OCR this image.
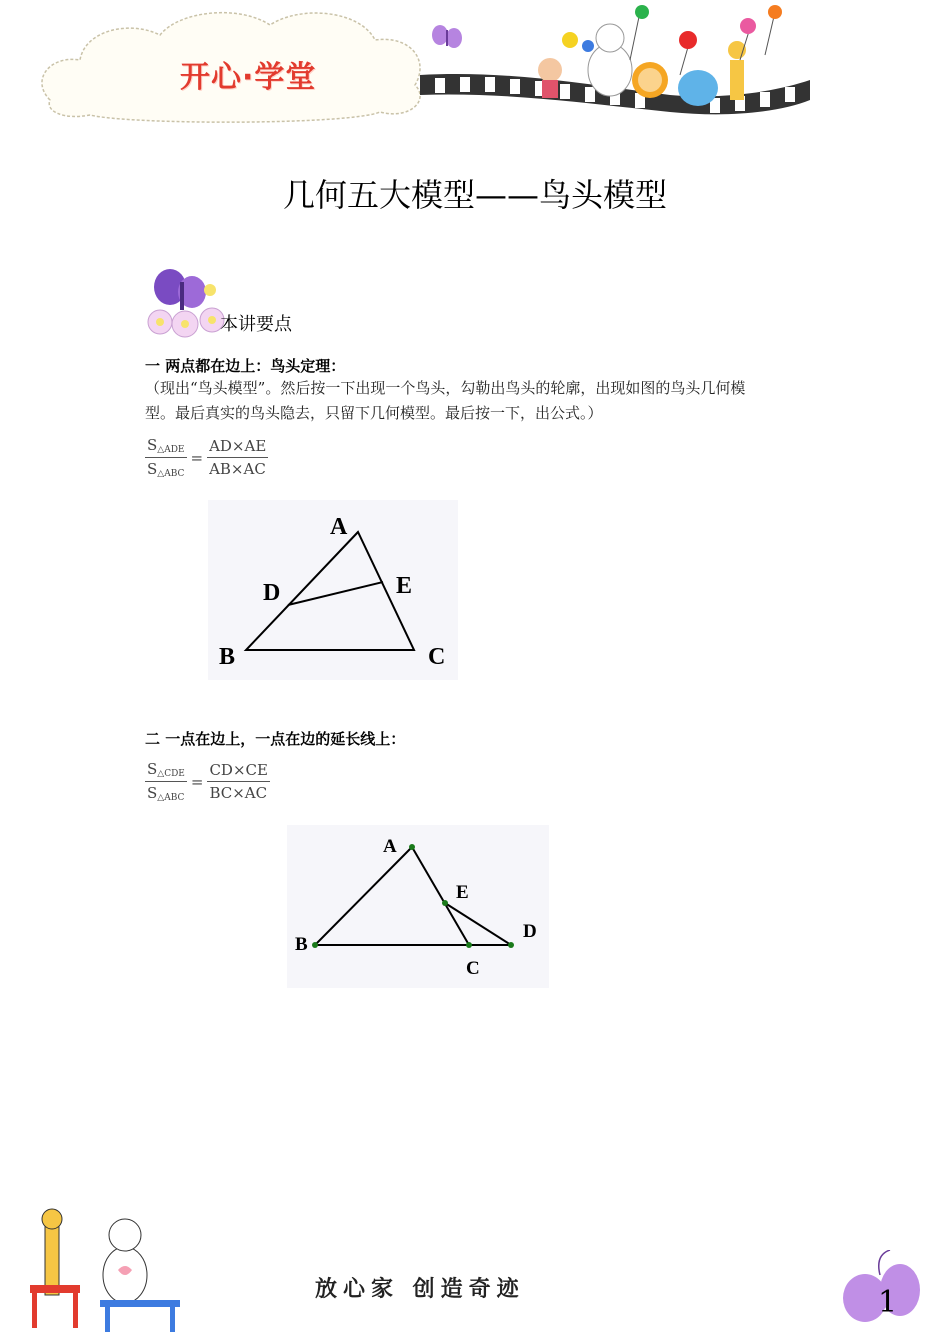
开心·学堂
几何五大模型——鸟头模型
本讲要点
一 两点都在边上：鸟头定理：
（现出“鸟头模型”。然后按一下出现一个鸟头，勾勒出鸟头的轮廓，出现如图的鸟头几何模
型。最后真实的鸟头隐去，只留下几何模型。最后按一下，出公式。）
$\frac{S_{\triangle ADE}}{S_{\triangle ABC}} = \frac{AD\times AE}{AB\times AC}$
A
D	E
B	C
二 一点在边上，一点在边的延长线上：
$\frac{S_{\triangle CDE}}{S_{\triangle ABC}} = \frac{CD\times CE}{BC\times AC}$
A
E
D
B
C
放心家 创造奇迹	1
